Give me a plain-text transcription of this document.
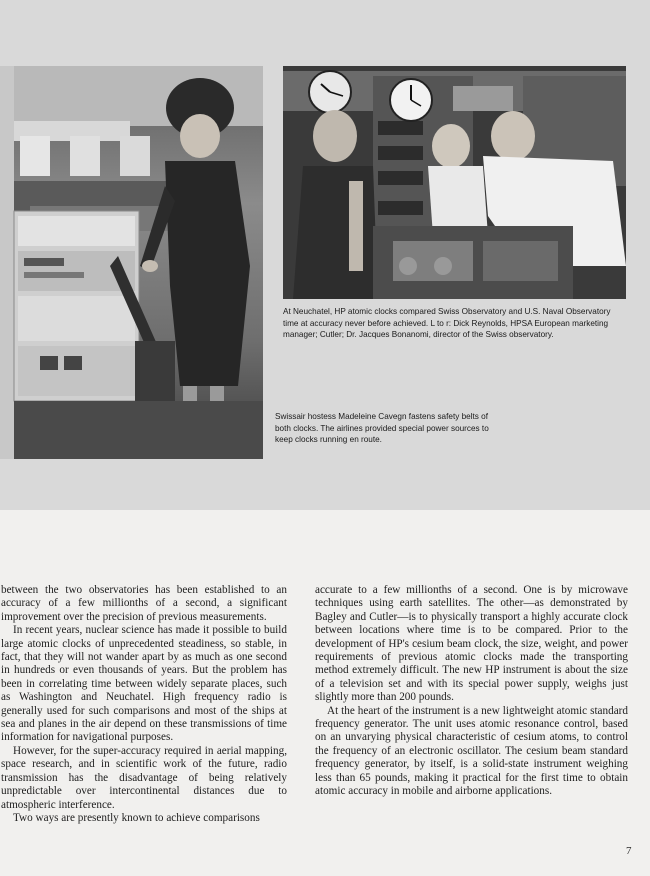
At Neuchatel, HP atomic clocks compared Swiss Observatory and U.S. Naval Observatory time at accuracy never before achieved. L to r: Dick Reynolds, HPSA European marketing manager; Cutler; Dr. Jacques Bonanomi, director of the Swiss observatory.
Swissair hostess Madeleine Cavegn fastens safety belts of both clocks. The airlines provided special power sources to keep clocks running en route.

between the two observatories has been established to an accuracy of a few millionths of a second, a significant improvement over the precision of previous measurements.

In recent years, nuclear science has made it possible to build large atomic clocks of unprecedented steadiness, so stable, in fact, that they will not wander apart by as much as one second in hundreds or even thousands of years. But the problem has been in correlating time between widely separate places, such as Washington and Neuchatel. High frequency radio is generally used for such comparisons and most of the ships at sea and planes in the air depend on these transmissions of time information for navigational purposes.

However, for the super-accuracy required in aerial mapping, space research, and in scientific work of the future, radio transmission has the disadvantage of being relatively unpredictable over intercontinental distances due to atmospheric interference.

Two ways are presently known to achieve comparisons

accurate to a few millionths of a second. One is by microwave techniques using earth satellites. The other—as demonstrated by Bagley and Cutler—is to physically transport a highly accurate clock between locations where time is to be compared. Prior to the development of HP's cesium beam clock, the size, weight, and power requirements of previous atomic clocks made the transporting method extremely difficult. The new HP instrument is about the size of a television set and with its special power supply, weighs just slightly more than 200 pounds.

At the heart of the instrument is a new lightweight atomic standard frequency generator. The unit uses atomic resonance control, based on an unvarying physical characteristic of cesium atoms, to control the frequency of an electronic oscillator. The cesium beam standard frequency generator, by itself, is a solid-state instrument weighing less than 65 pounds, making it practical for the first time to obtain atomic accuracy in mobile and airborne applications.

7
